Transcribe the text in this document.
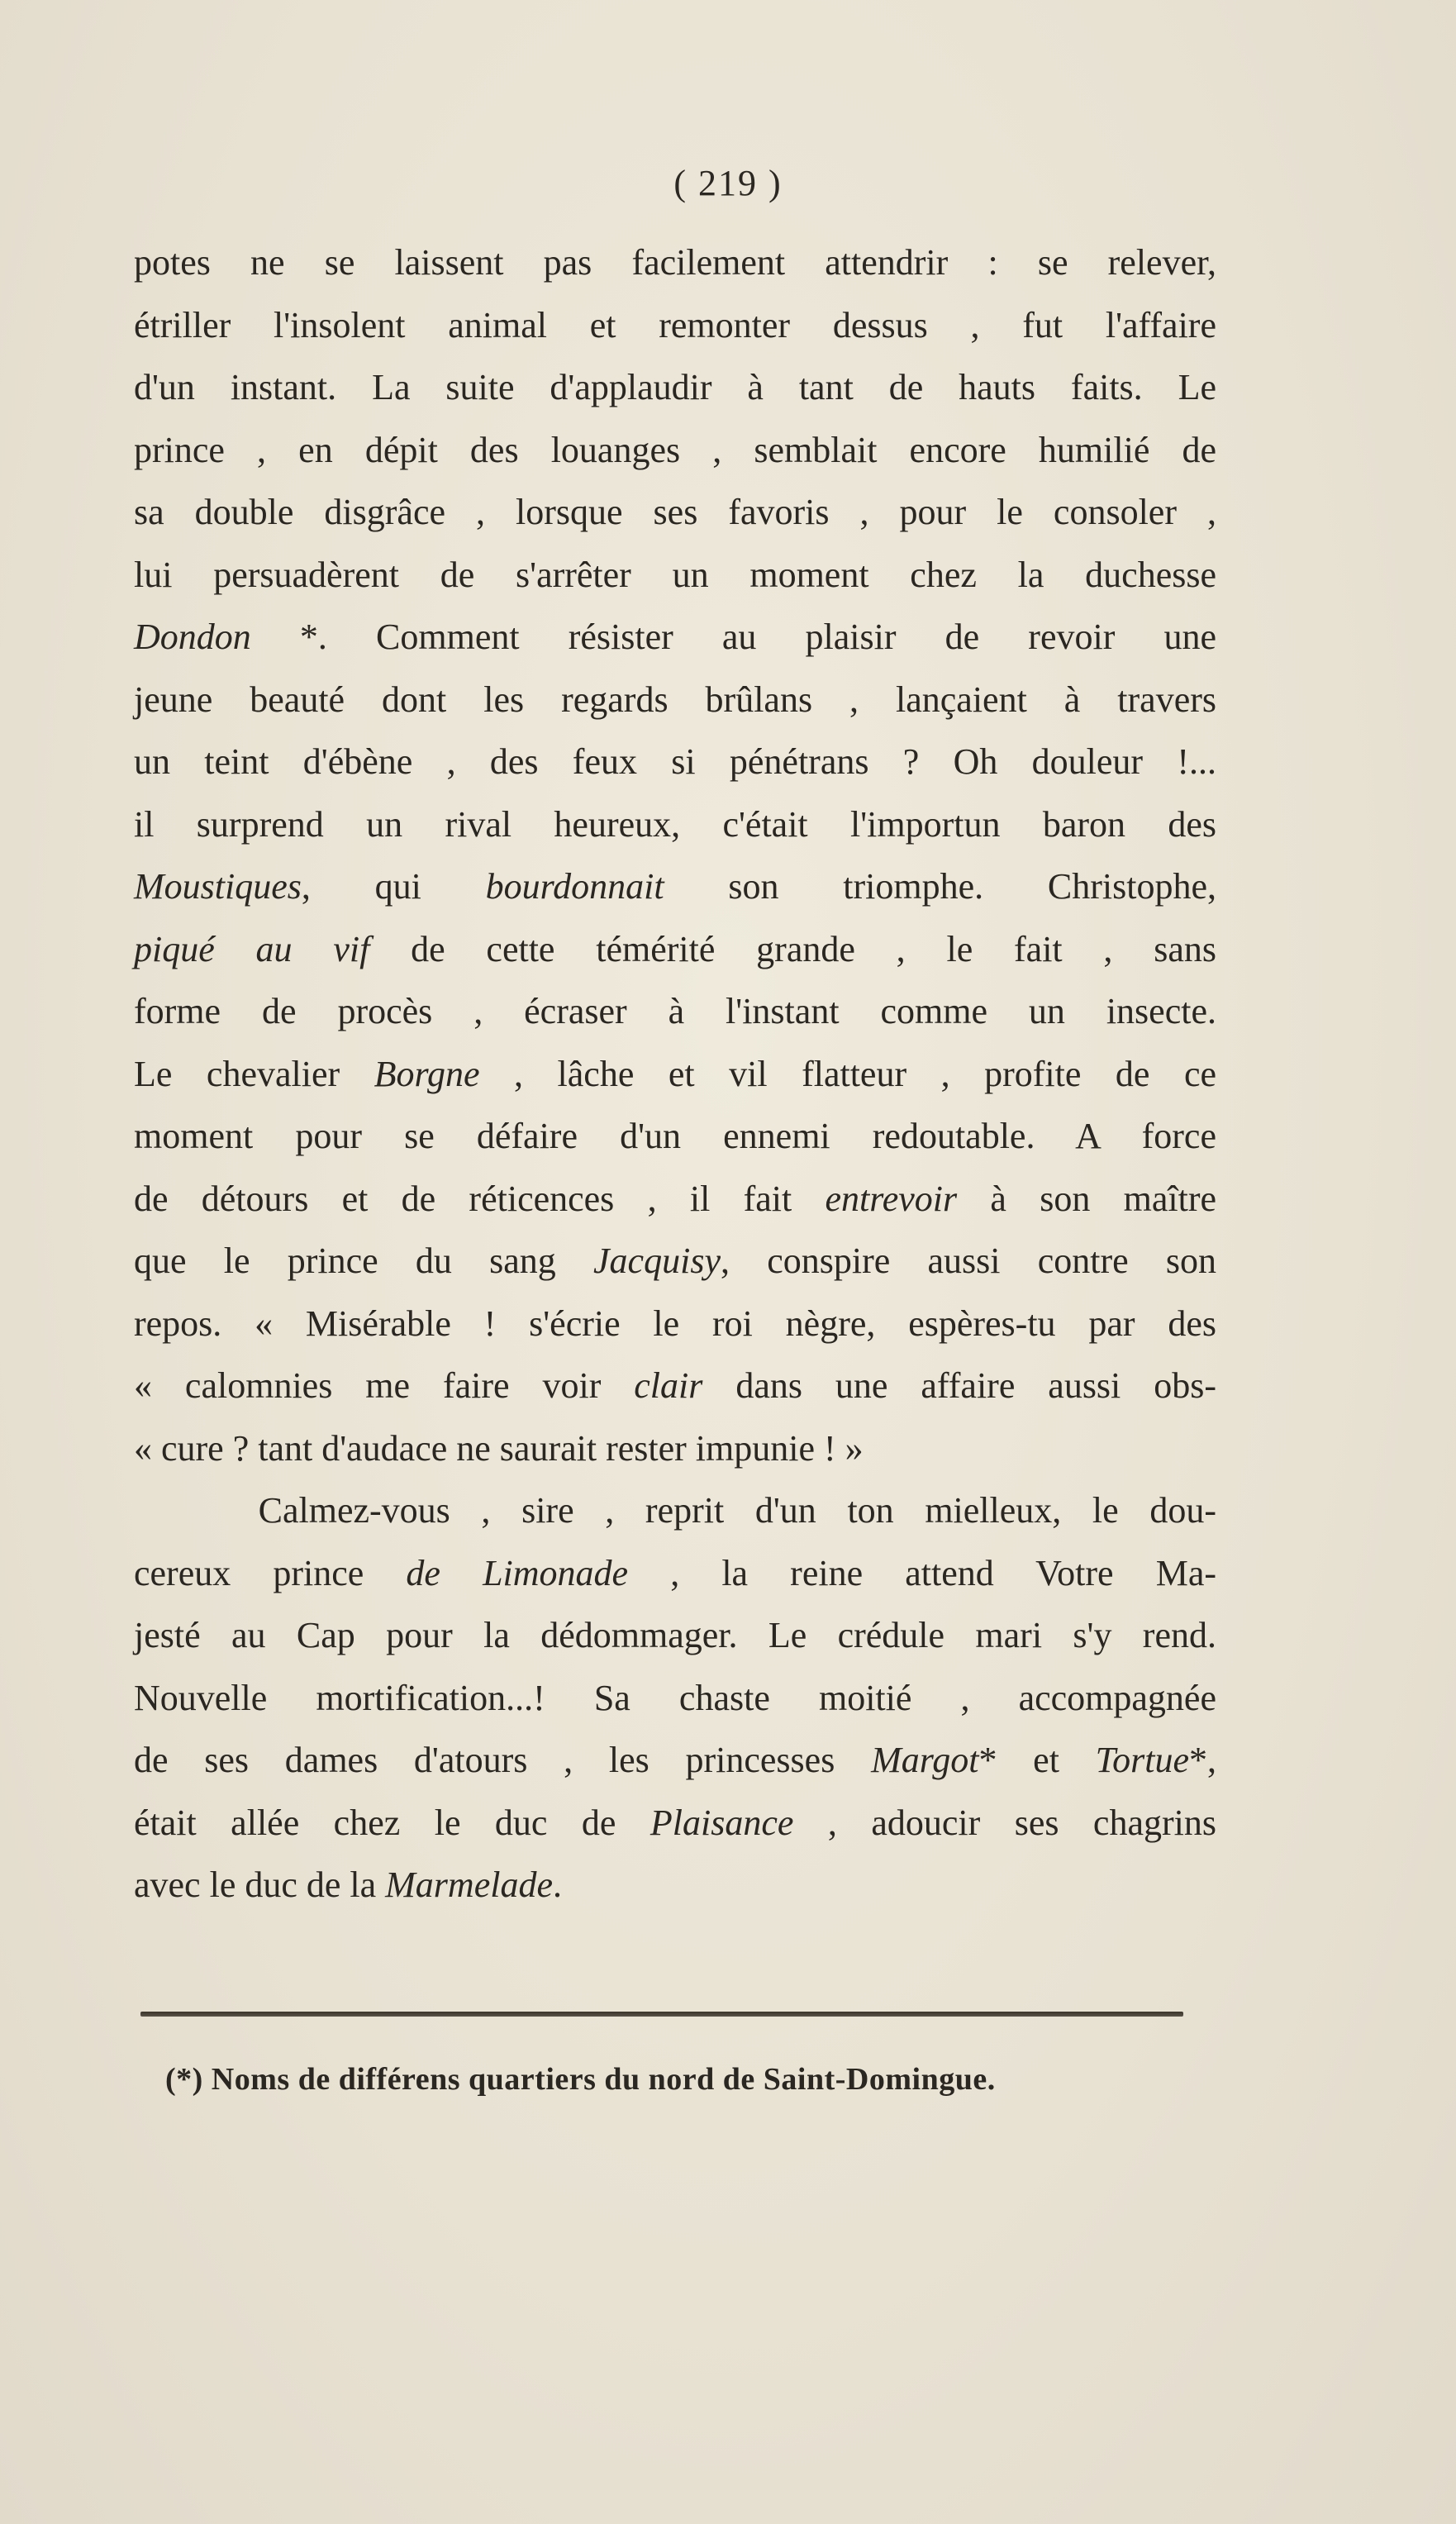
( 219 )
potes ne se laissent pas facilement attendrir : se relever,
étriller l'insolent animal et remonter dessus , fut l'affaire
d'un instant. La suite d'applaudir à tant de hauts faits. Le
prince , en dépit des louanges , semblait encore humilié de
sa double disgrâce , lorsque ses favoris , pour le consoler ,
lui persuadèrent de s'arrêter un moment chez la duchesse
Dondon *. Comment résister au plaisir de revoir une
jeune beauté dont les regards brûlans , lançaient à travers
un teint d'ébène , des feux si pénétrans ? Oh douleur !...
il surprend un rival heureux, c'était l'importun baron des
Moustiques, qui bourdonnait son triomphe. Christophe,
piqué au vif de cette témérité grande , le fait , sans
forme de procès , écraser à l'instant comme un insecte.
Le chevalier Borgne , lâche et vil flatteur , profite de ce
moment pour se défaire d'un ennemi redoutable. A force
de détours et de réticences , il fait entrevoir à son maître
que le prince du sang Jacquisy, conspire aussi contre son
repos. « Misérable ! s'écrie le roi nègre, espères-tu par des
« calomnies me faire voir clair dans une affaire aussi obs-
« cure ? tant d'audace ne saurait rester impunie ! »
Calmez-vous , sire , reprit d'un ton mielleux, le dou-
cereux prince de Limonade , la reine attend Votre Ma-
jesté au Cap pour la dédommager. Le crédule mari s'y rend.
Nouvelle mortification...! Sa chaste moitié , accompagnée
de ses dames d'atours , les princesses Margot* et Tortue*,
était allée chez le duc de Plaisance , adoucir ses chagrins
avec le duc de la Marmelade.
(*) Noms de différens quartiers du nord de Saint-Domingue.
